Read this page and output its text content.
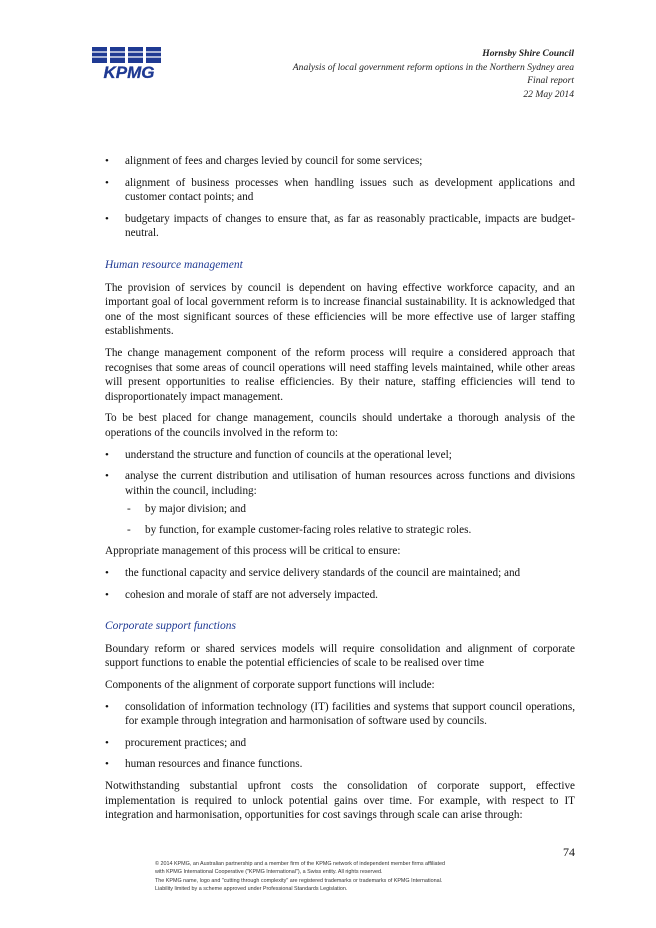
KPMG
Hornsby Shire Council
Analysis of local government reform options in the Northern Sydney area
Final report
22 May 2014
• alignment of fees and charges levied by council for some services;
• alignment of business processes when handling issues such as development applications and customer contact points; and
• budgetary impacts of changes to ensure that, as far as reasonably practicable, impacts are budget-neutral.
Human resource management

The provision of services by council is dependent on having effective workforce capacity, and an important goal of local government reform is to increase financial sustainability. It is acknowledged that one of the most significant sources of these efficiencies will be more effective use of larger staffing establishments.

The change management component of the reform process will require a considered approach that recognises that some areas of council operations will need staffing levels maintained, while other areas will present opportunities to realise efficiencies. By their nature, staffing efficiencies will tend to disproportionately impact management.

To be best placed for change management, councils should undertake a thorough analysis of the operations of the councils involved in the reform to:

• understand the structure and function of councils at the operational level;
• analyse the current distribution and utilisation of human resources across functions and divisions within the council, including:
- by major division; and
- by function, for example customer-facing roles relative to strategic roles.

Appropriate management of this process will be critical to ensure:

• the functional capacity and service delivery standards of the council are maintained; and
• cohesion and morale of staff are not adversely impacted.
Corporate support functions

Boundary reform or shared services models will require consolidation and alignment of corporate support functions to enable the potential efficiencies of scale to be realised over time

Components of the alignment of corporate support functions will include:

• consolidation of information technology (IT) facilities and systems that support council operations, for example through integration and harmonisation of software used by councils.
• procurement practices; and
• human resources and finance functions.

Notwithstanding substantial upfront costs the consolidation of corporate support, effective implementation is required to unlock potential gains over time. For example, with respect to IT integration and harmonisation, opportunities for cost savings through scale can arise through:

74
© 2014 KPMG, an Australian partnership and a member firm of the KPMG network of independent member firms affiliated
with KPMG International Cooperative ("KPMG International"), a Swiss entity. All rights reserved.
The KPMG name, logo and "cutting through complexity" are registered trademarks or trademarks of KPMG International.
Liability limited by a scheme approved under Professional Standards Legislation.
